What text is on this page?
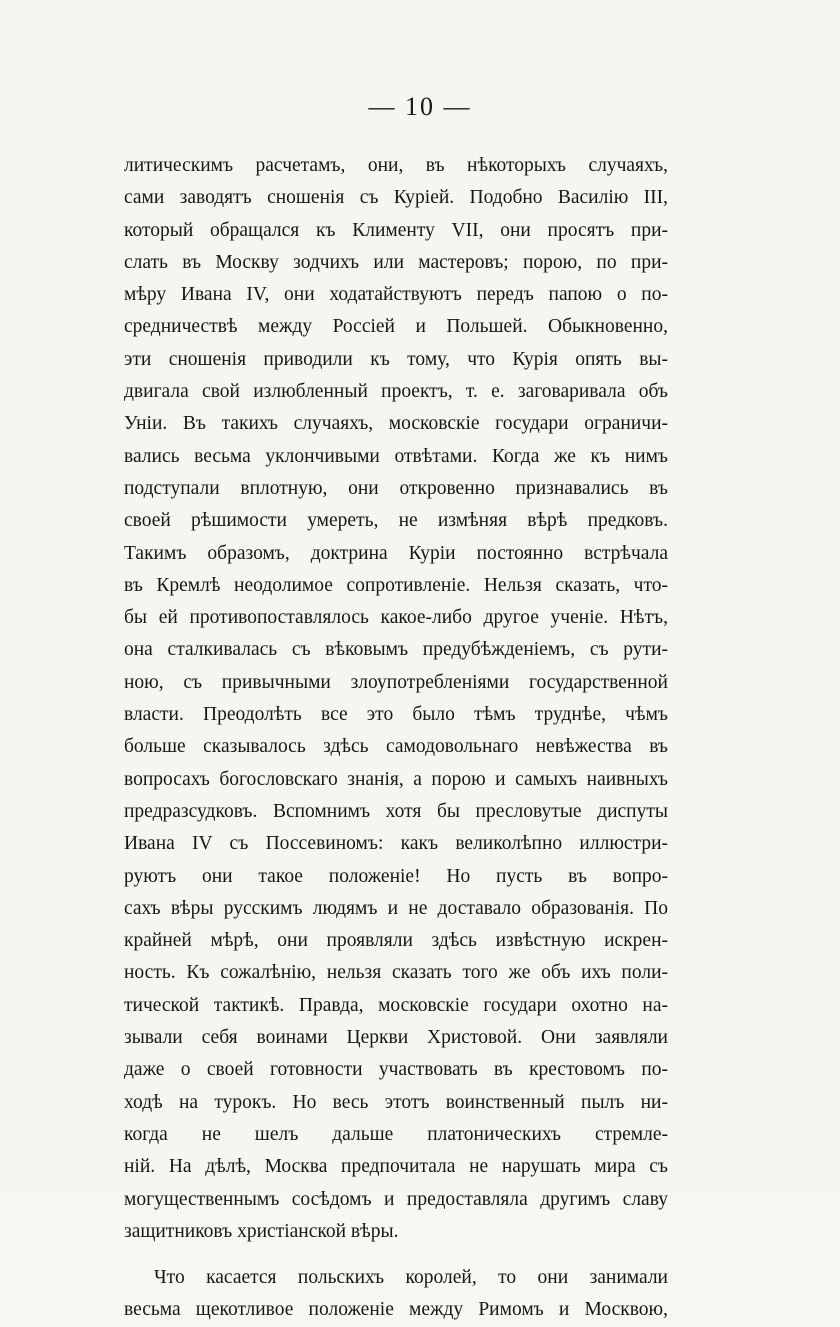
— 10 —
литическимъ расчетамъ, они, въ нѣкоторыхъ случаяхъ,
сами заводятъ сношенія съ Куріей. Подобно Василію III,
который обращался къ Клименту VII, они просятъ при-
слать въ Москву зодчихъ или мастеровъ; порою, по при-
мѣру Ивана IV, они ходатайствуютъ передъ папою о по-
средничествѣ между Россіей и Польшей. Обыкновенно,
эти сношенія приводили къ тому, что Курія опять вы-
двигала свой излюбленный проектъ, т. е. заговаривала объ
Уніи. Въ такихъ случаяхъ, московскіе государи ограничи-
вались весьма уклончивыми отвѣтами. Когда же къ нимъ
подступали вплотную, они откровенно признавались въ
своей рѣшимости умереть, не измѣняя вѣрѣ предковъ.
Такимъ образомъ, доктрина Куріи постоянно встрѣчала
въ Кремлѣ неодолимое сопротивленіе. Нельзя сказать, что-
бы ей противопоставлялось какое-либо другое ученіе. Нѣтъ,
она сталкивалась съ вѣковымъ предубѣжденіемъ, съ рути-
ною, съ привычными злоупотребленіями государственной
власти. Преодолѣть все это было тѣмъ труднѣе, чѣмъ
больше сказывалось здѣсь самодовольнаго невѣжества въ
вопросахъ богословскаго знанія, а порою и самыхъ наивныхъ
предразсудковъ. Вспомнимъ хотя бы пресловутые диспуты
Ивана IV съ Поссевиномъ: какъ великолѣпно иллюстри-
руютъ они такое положеніе! Но пусть въ вопро-
сахъ вѣры русскимъ людямъ и не доставало образованія. По
крайней мѣрѣ, они проявляли здѣсь извѣстную искрен-
ность. Къ сожалѣнію, нельзя сказать того же объ ихъ поли-
тической тактикѣ. Правда, московскіе государи охотно на-
зывали себя воинами Церкви Христовой. Они заявляли
даже о своей готовности участвовать въ крестовомъ по-
ходѣ на турокъ. Но весь этотъ воинственный пылъ ни-
когда не шелъ дальше платоническихъ стремле-
ній. На дѣлѣ, Москва предпочитала не нарушать мира съ
могущественнымъ сосѣдомъ и предоставляла другимъ славу
защитниковъ христіанской вѣры.
Что касается польскихъ королей, то они занимали
весьма щекотливое положеніе между Римомъ и Москвою,
